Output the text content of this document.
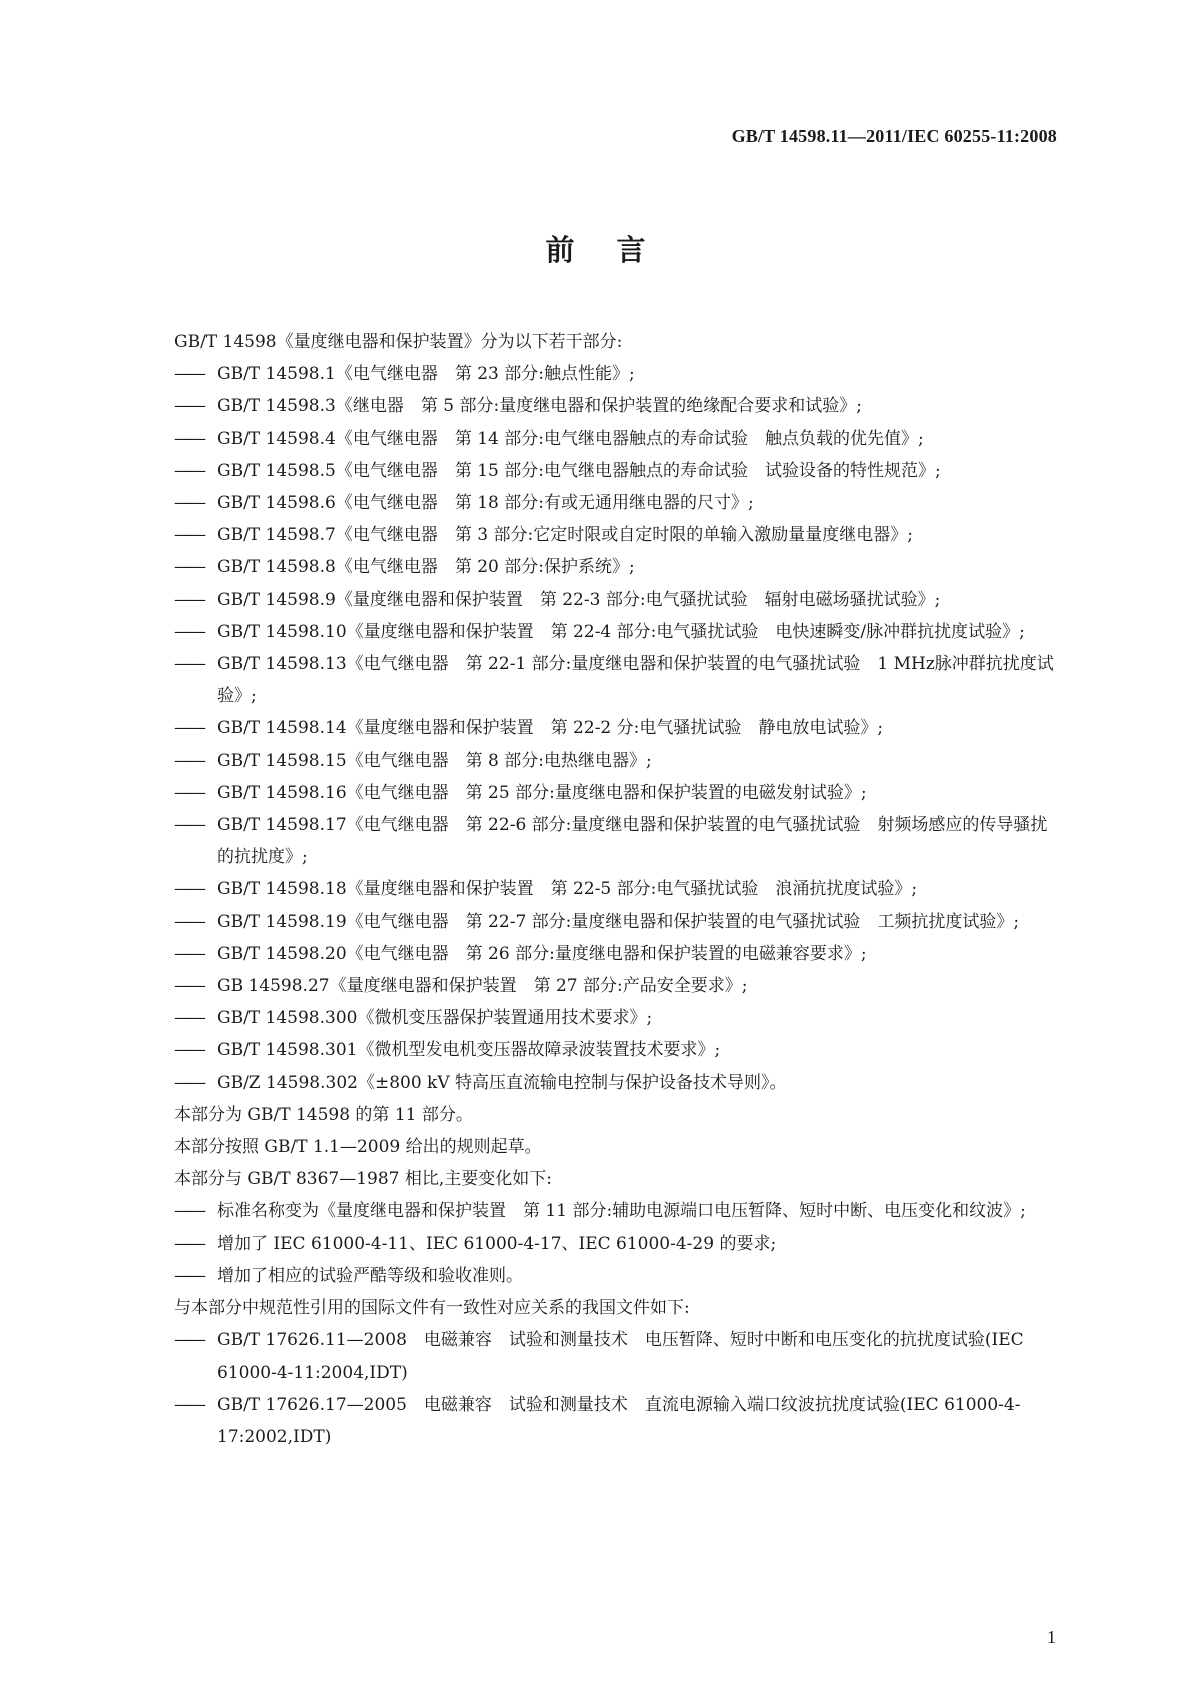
GB/T 14598.11—2011/IEC 60255-11:2008
前言

GB/T 14598《量度继电器和保护装置》分为以下若干部分:

—— GB/T 14598.1《电气继电器　第 23 部分:触点性能》;
—— GB/T 14598.3《继电器　第 5 部分:量度继电器和保护装置的绝缘配合要求和试验》;
—— GB/T 14598.4《电气继电器　第 14 部分:电气继电器触点的寿命试验　触点负载的优先值》;
—— GB/T 14598.5《电气继电器　第 15 部分:电气继电器触点的寿命试验　试验设备的特性规范》;
—— GB/T 14598.6《电气继电器　第 18 部分:有或无通用继电器的尺寸》;
—— GB/T 14598.7《电气继电器　第 3 部分:它定时限或自定时限的单输入激励量量度继电器》;
—— GB/T 14598.8《电气继电器　第 20 部分:保护系统》;
—— GB/T 14598.9《量度继电器和保护装置　第 22-3 部分:电气骚扰试验　辐射电磁场骚扰试验》;
—— GB/T 14598.10《量度继电器和保护装置　第 22-4 部分:电气骚扰试验　电快速瞬变/脉冲群抗扰度试验》;
—— GB/T 14598.13《电气继电器　第 22-1 部分:量度继电器和保护装置的电气骚扰试验　1 MHz脉冲群抗扰度试验》;
—— GB/T 14598.14《量度继电器和保护装置　第 22-2 分:电气骚扰试验　静电放电试验》;
—— GB/T 14598.15《电气继电器　第 8 部分:电热继电器》;
—— GB/T 14598.16《电气继电器　第 25 部分:量度继电器和保护装置的电磁发射试验》;
—— GB/T 14598.17《电气继电器　第 22-6 部分:量度继电器和保护装置的电气骚扰试验　射频场感应的传导骚扰的抗扰度》;
—— GB/T 14598.18《量度继电器和保护装置　第 22-5 部分:电气骚扰试验　浪涌抗扰度试验》;
—— GB/T 14598.19《电气继电器　第 22-7 部分:量度继电器和保护装置的电气骚扰试验　工频抗扰度试验》;
—— GB/T 14598.20《电气继电器　第 26 部分:量度继电器和保护装置的电磁兼容要求》;
—— GB 14598.27《量度继电器和保护装置　第 27 部分:产品安全要求》;
—— GB/T 14598.300《微机变压器保护装置通用技术要求》;
—— GB/T 14598.301《微机型发电机变压器故障录波装置技术要求》;
—— GB/Z 14598.302《±800 kV 特高压直流输电控制与保护设备技术导则》。

本部分为 GB/T 14598 的第 11 部分。

本部分按照 GB/T 1.1—2009 给出的规则起草。

本部分与 GB/T 8367—1987 相比,主要变化如下:

—— 标准名称变为《量度继电器和保护装置　第 11 部分:辅助电源端口电压暂降、短时中断、电压变化和纹波》;
—— 增加了 IEC 61000-4-11、IEC 61000-4-17、IEC 61000-4-29 的要求;
—— 增加了相应的试验严酷等级和验收准则。

与本部分中规范性引用的国际文件有一致性对应关系的我国文件如下:

—— GB/T 17626.11—2008　电磁兼容　试验和测量技术　电压暂降、短时中断和电压变化的抗扰度试验(IEC 61000-4-11:2004,IDT)
—— GB/T 17626.17—2005　电磁兼容　试验和测量技术　直流电源输入端口纹波抗扰度试验(IEC 61000-4-17:2002,IDT)
1
